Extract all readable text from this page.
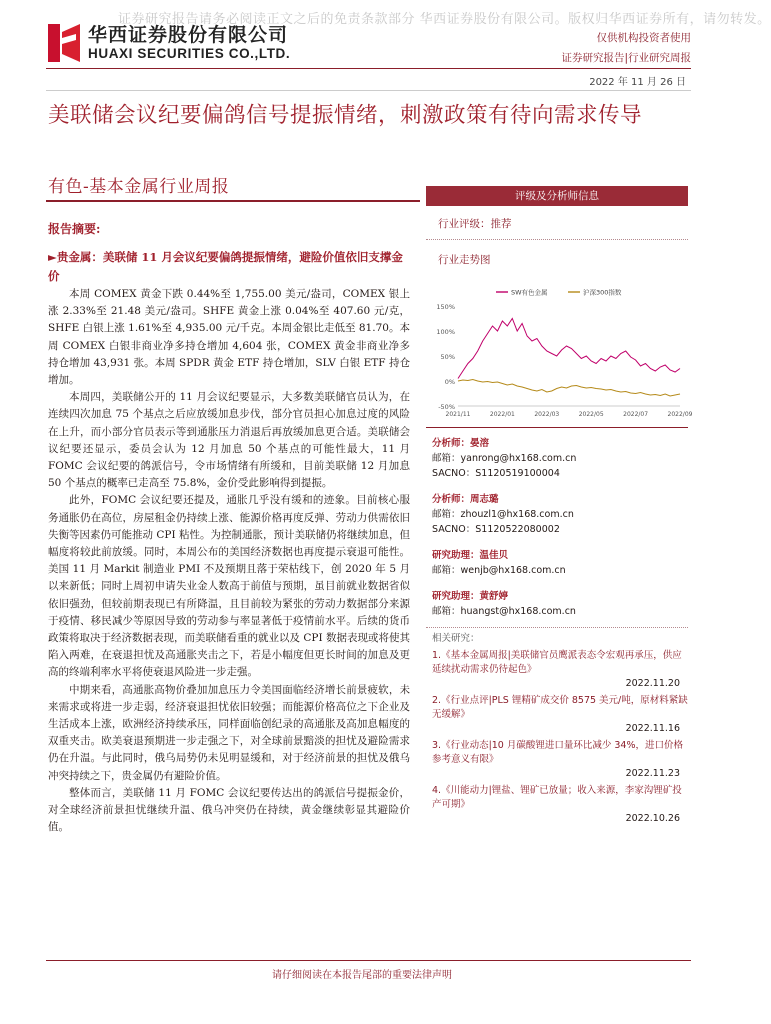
证券研究报告请务必阅读正文之后的免责条款部分 华西证券股份有限公司。版权归华西证券所有，请勿转发。
华西证券股份有限公司
HUAXI SECURITIES CO.,LTD.
仅供机构投资者使用
证券研究报告|行业研究周报
2022 年 11 月 26 日
美联储会议纪要偏鸽信号提振情绪，刺激政策有待向需求传导
有色-基本金属行业周报
报告摘要:
►贵金属：美联储 11 月会议纪要偏鸽提振情绪，避险价值依旧支撑金价

本周 COMEX 黄金下跌 0.44%至 1,755.00 美元/盎司，COMEX 银上涨 2.33%至 21.48 美元/盎司。SHFE 黄金上涨 0.04%至 407.60 元/克，SHFE 白银上涨 1.61%至 4,935.00 元/千克。本周金银比走低至 81.70。本周 COMEX 白银非商业净多持仓增加 4,604 张，COMEX 黄金非商业净多持仓增加 43,931 张。本周 SPDR 黄金 ETF 持仓增加，SLV 白银 ETF 持仓增加。

本周四，美联储公开的 11 月会议纪要显示，大多数美联储官员认为，在连续四次加息 75 个基点之后应放缓加息步伐，部分官员担心加息过度的风险在上升，而小部分官员表示等到通胀压力消退后再放缓加息更合适。美联储会议纪要还显示，委员会认为 12 月加息 50 个基点的可能性最大，11 月 FOMC 会议纪要的鸽派信号，令市场情绪有所缓和，目前美联储 12 月加息 50 个基点的概率已走高至 75.8%，金价受此影响得到提振。

此外，FOMC 会议纪要还提及，通胀几乎没有缓和的迹象。目前核心服务通胀仍在高位，房屋租金仍持续上涨、能源价格再度反弹、劳动力供需依旧失衡等因素仍可能推动 CPI 粘性。为控制通胀，预计美联储仍将继续加息，但幅度将较此前放缓。同时，本周公布的美国经济数据也再度提示衰退可能性。美国 11 月 Markit 制造业 PMI 不及预期且落于荣枯线下，创 2020 年 5 月以来新低；同时上周初申请失业金人数高于前值与预期，虽目前就业数据省似依旧强劲，但较前期表现已有所降温，且目前较为紧张的劳动力数据部分来源于疫情、移民减少等原因导致的劳动参与率显著低于疫情前水平。后续的货币政策将取决于经济数据表现，而美联储看重的就业以及 CPI 数据表现或将使其陷入两难，在衰退担忧及高通胀夹击之下，若是小幅度但更长时间的加息及更高的终端利率水平将使衰退风险进一步走强。

中期来看，高通胀高物价叠加加息压力令美国面临经济增长前景疲软，未来需求或将进一步走弱，经济衰退担忧依旧较强；而能源价格高位之下企业及生活成本上涨，欧洲经济持续承压，同样面临创纪录的高通胀及高加息幅度的双重夹击。欧美衰退预期进一步走强之下，对全球前景黯淡的担忧及避险需求仍在升温。与此同时，俄乌局势仍未见明显缓和，对于经济前景的担忧及俄乌冲突持续之下，贵金属仍有避险价值。

整体而言，美联储 11 月 FOMC 会议纪要传达出的鸽派信号提振金价，对全球经济前景担忧继续升温、俄乌冲突仍在持续，黄金继续彰显其避险价值。

评级及分析师信息
行业评级：推荐
行业走势图
150%
100%
50%
0%
-50%
2021/11	2022/01	2022/03	2022/05	2022/07	2022/09
SW有色金属	沪深300指数
分析师：晏溶
邮箱：yanrong@hx168.com.cn
SACNO：S1120519100004
分析师：周志璐
邮箱：zhouzl1@hx168.com.cn
SACNO：S1120522080002
研究助理：温佳贝
邮箱：wenjb@hx168.com.cn
研究助理：黄舒婷
邮箱：huangst@hx168.com.cn
相关研究：
1.《基本金属周报|美联储官员鹰派表态令宏观再承压，供应延续扰动需求仍待起色》
2022.11.20
2.《行业点评|PLS 锂精矿成交价 8575 美元/吨，原材料紧缺无缓解》
2022.11.16
3.《行业动态|10 月碳酸锂进口量环比减少 34%，进口价格参考意义有限》
2022.11.23
4.《川能动力|锂盐、锂矿已放量；收入来源，李家沟锂矿投产可期》
2022.10.26
请仔细阅读在本报告尾部的重要法律声明
